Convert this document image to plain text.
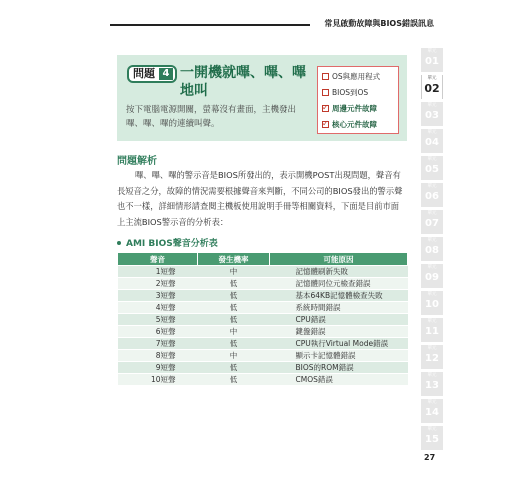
常見啟動故障與BIOS錯誤訊息
問題 4 一開機就嗶、嗶、嗶地叫
按下電腦電源開關，螢幕沒有畫面，主機發出嗶、嗶、嗶的連續叫聲。
OS與應用程式
BIOS到OS
✓周邊元件故障
✓核心元件故障
問題解析
嗶、嗶、嗶的警示音是BIOS所發出的，表示開機POST出現問題，聲音有長短音之分，故障的情況需要根據聲音來判斷，不同公司的BIOS發出的警示聲也不一樣，詳細情形請查閱主機板使用說明手冊等相關資料，下面是目前市面上主流BIOS警示音的分析表：
AMI BIOS聲音分析表
聲音	發生機率	可能原因
1短聲	中	記憶體刷新失敗
2短聲	低	記憶體同位元檢查錯誤
3短聲	低	基本64KB記憶體檢查失敗
4短聲	低	系統時間錯誤
5短聲	低	CPU錯誤
6短聲	中	鍵盤錯誤
7短聲	低	CPU執行Virtual Mode錯誤
8短聲	中	顯示卡記憶體錯誤
9短聲	低	BIOS的ROM錯誤
10短聲	低	CMOS錯誤
單元
01
單元
02
單元
03
單元
04
單元
05
單元
06
單元
07
單元
08
單元
09
單元
10
單元
11
單元
12
單元
13
單元
14
單元
15
27
